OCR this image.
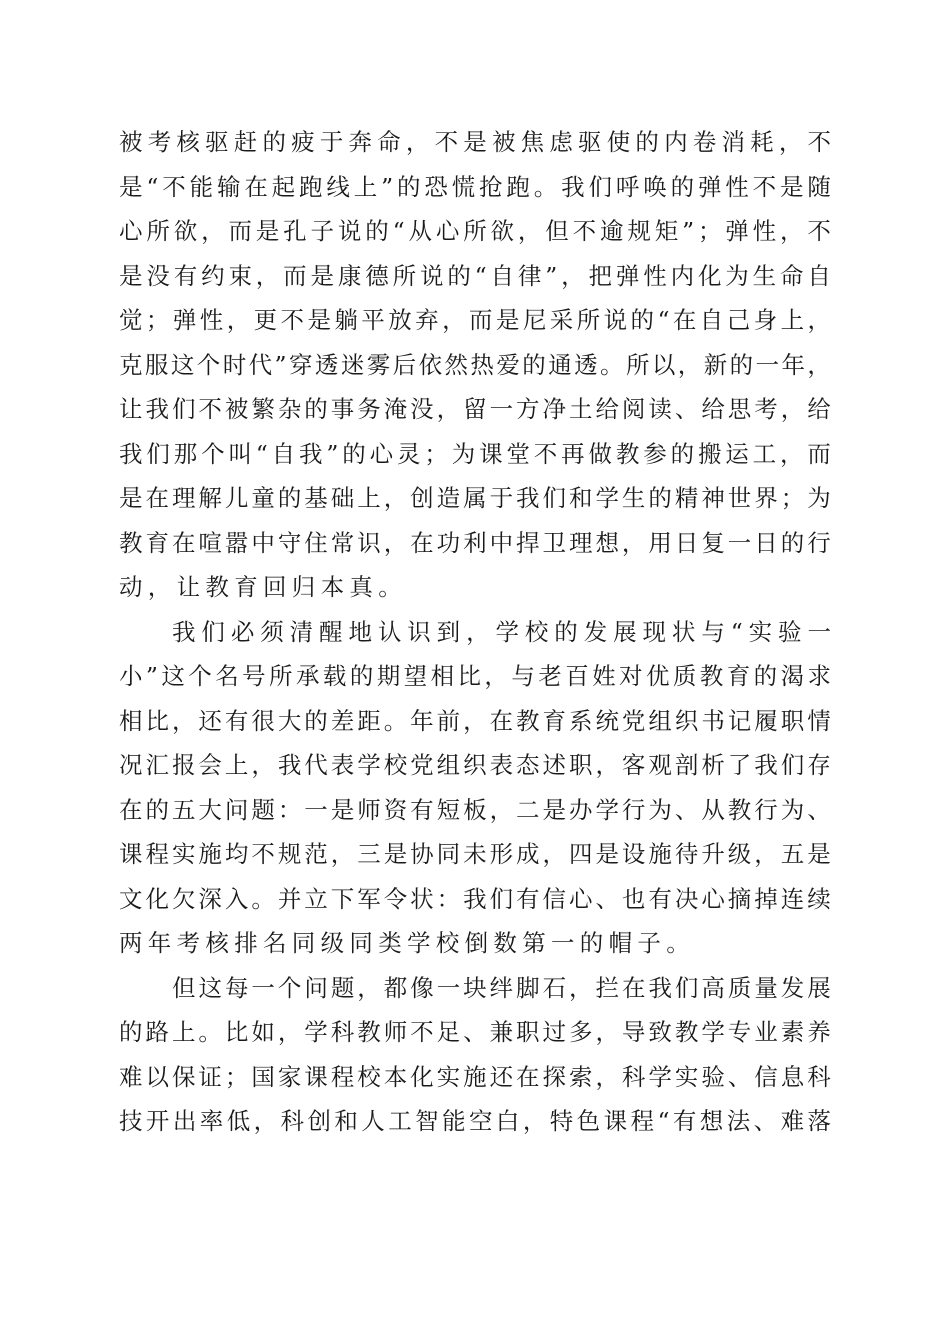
被 考 核 驱 赶 的 疲 于 奔 命 ， 不 是 被 焦 虑 驱 使 的 内 卷 消 耗 ， 不
是 “ 不 能 输 在 起 跑 线 上 ” 的 恐 慌 抢 跑 。 我 们 呼 唤 的 弹 性 不 是 随
心 所 欲 ， 而 是 孔 子 说 的 “ 从 心 所 欲 ， 但 不 逾 规 矩 ” ； 弹 性 ， 不
是 没 有 约 束 ， 而 是 康 德 所 说 的 “ 自 律 ” ， 把 弹 性 内 化 为 生 命 自
觉 ； 弹 性 ， 更 不 是 躺 平 放 弃 ， 而 是 尼 采 所 说 的 “ 在 自 己 身 上 ，
克 服 这 个 时 代 ” 穿 透 迷 雾 后 依 然 热 爱 的 通 透 。 所 以 ， 新 的 一 年 ，
让 我 们 不 被 繁 杂 的 事 务 淹 没 ， 留 一 方 净 土 给 阅 读 、 给 思 考 ， 给
我 们 那 个 叫 “ 自 我 ” 的 心 灵 ； 为 课 堂 不 再 做 教 参 的 搬 运 工 ， 而
是 在 理 解 儿 童 的 基 础 上 ， 创 造 属 于 我 们 和 学 生 的 精 神 世 界 ； 为
教 育 在 喧 嚣 中 守 住 常 识 ， 在 功 利 中 捍 卫 理 想 ， 用 日 复 一 日 的 行
动，让教育回归本真。
我 们 必 须 清 醒 地 认 识 到 ， 学 校 的 发 展 现 状 与 “ 实 验 一
小 ” 这 个 名 号 所 承 载 的 期 望 相 比 ， 与 老 百 姓 对 优 质 教 育 的 渴 求
相 比 ， 还 有 很 大 的 差 距 。 年 前 ， 在 教 育 系 统 党 组 织 书 记 履 职 情
况 汇 报 会 上 ， 我 代 表 学 校 党 组 织 表 态 述 职 ， 客 观 剖 析 了 我 们 存
在 的 五 大 问 题 ： 一 是 师 资 有 短 板 ， 二 是 办 学 行 为 、 从 教 行 为 、
课 程 实 施 均 不 规 范 ， 三 是 协 同 未 形 成 ， 四 是 设 施 待 升 级 ， 五 是
文 化 欠 深 入 。 并 立 下 军 令 状 ： 我 们 有 信 心 、 也 有 决 心 摘 掉 连 续
两年考核排名同级同类学校倒数第一的帽子。
但 这 每 一 个 问 题 ， 都 像 一 块 绊 脚 石 ， 拦 在 我 们 高 质 量 发 展
的 路 上 。 比 如 ， 学 科 教 师 不 足 、 兼 职 过 多 ， 导 致 教 学 专 业 素 养
难 以 保 证 ； 国 家 课 程 校 本 化 实 施 还 在 探 索 ， 科 学 实 验 、 信 息 科
技 开 出 率 低 ， 科 创 和 人 工 智 能 空 白 ， 特 色 课 程 “ 有 想 法 、 难 落
